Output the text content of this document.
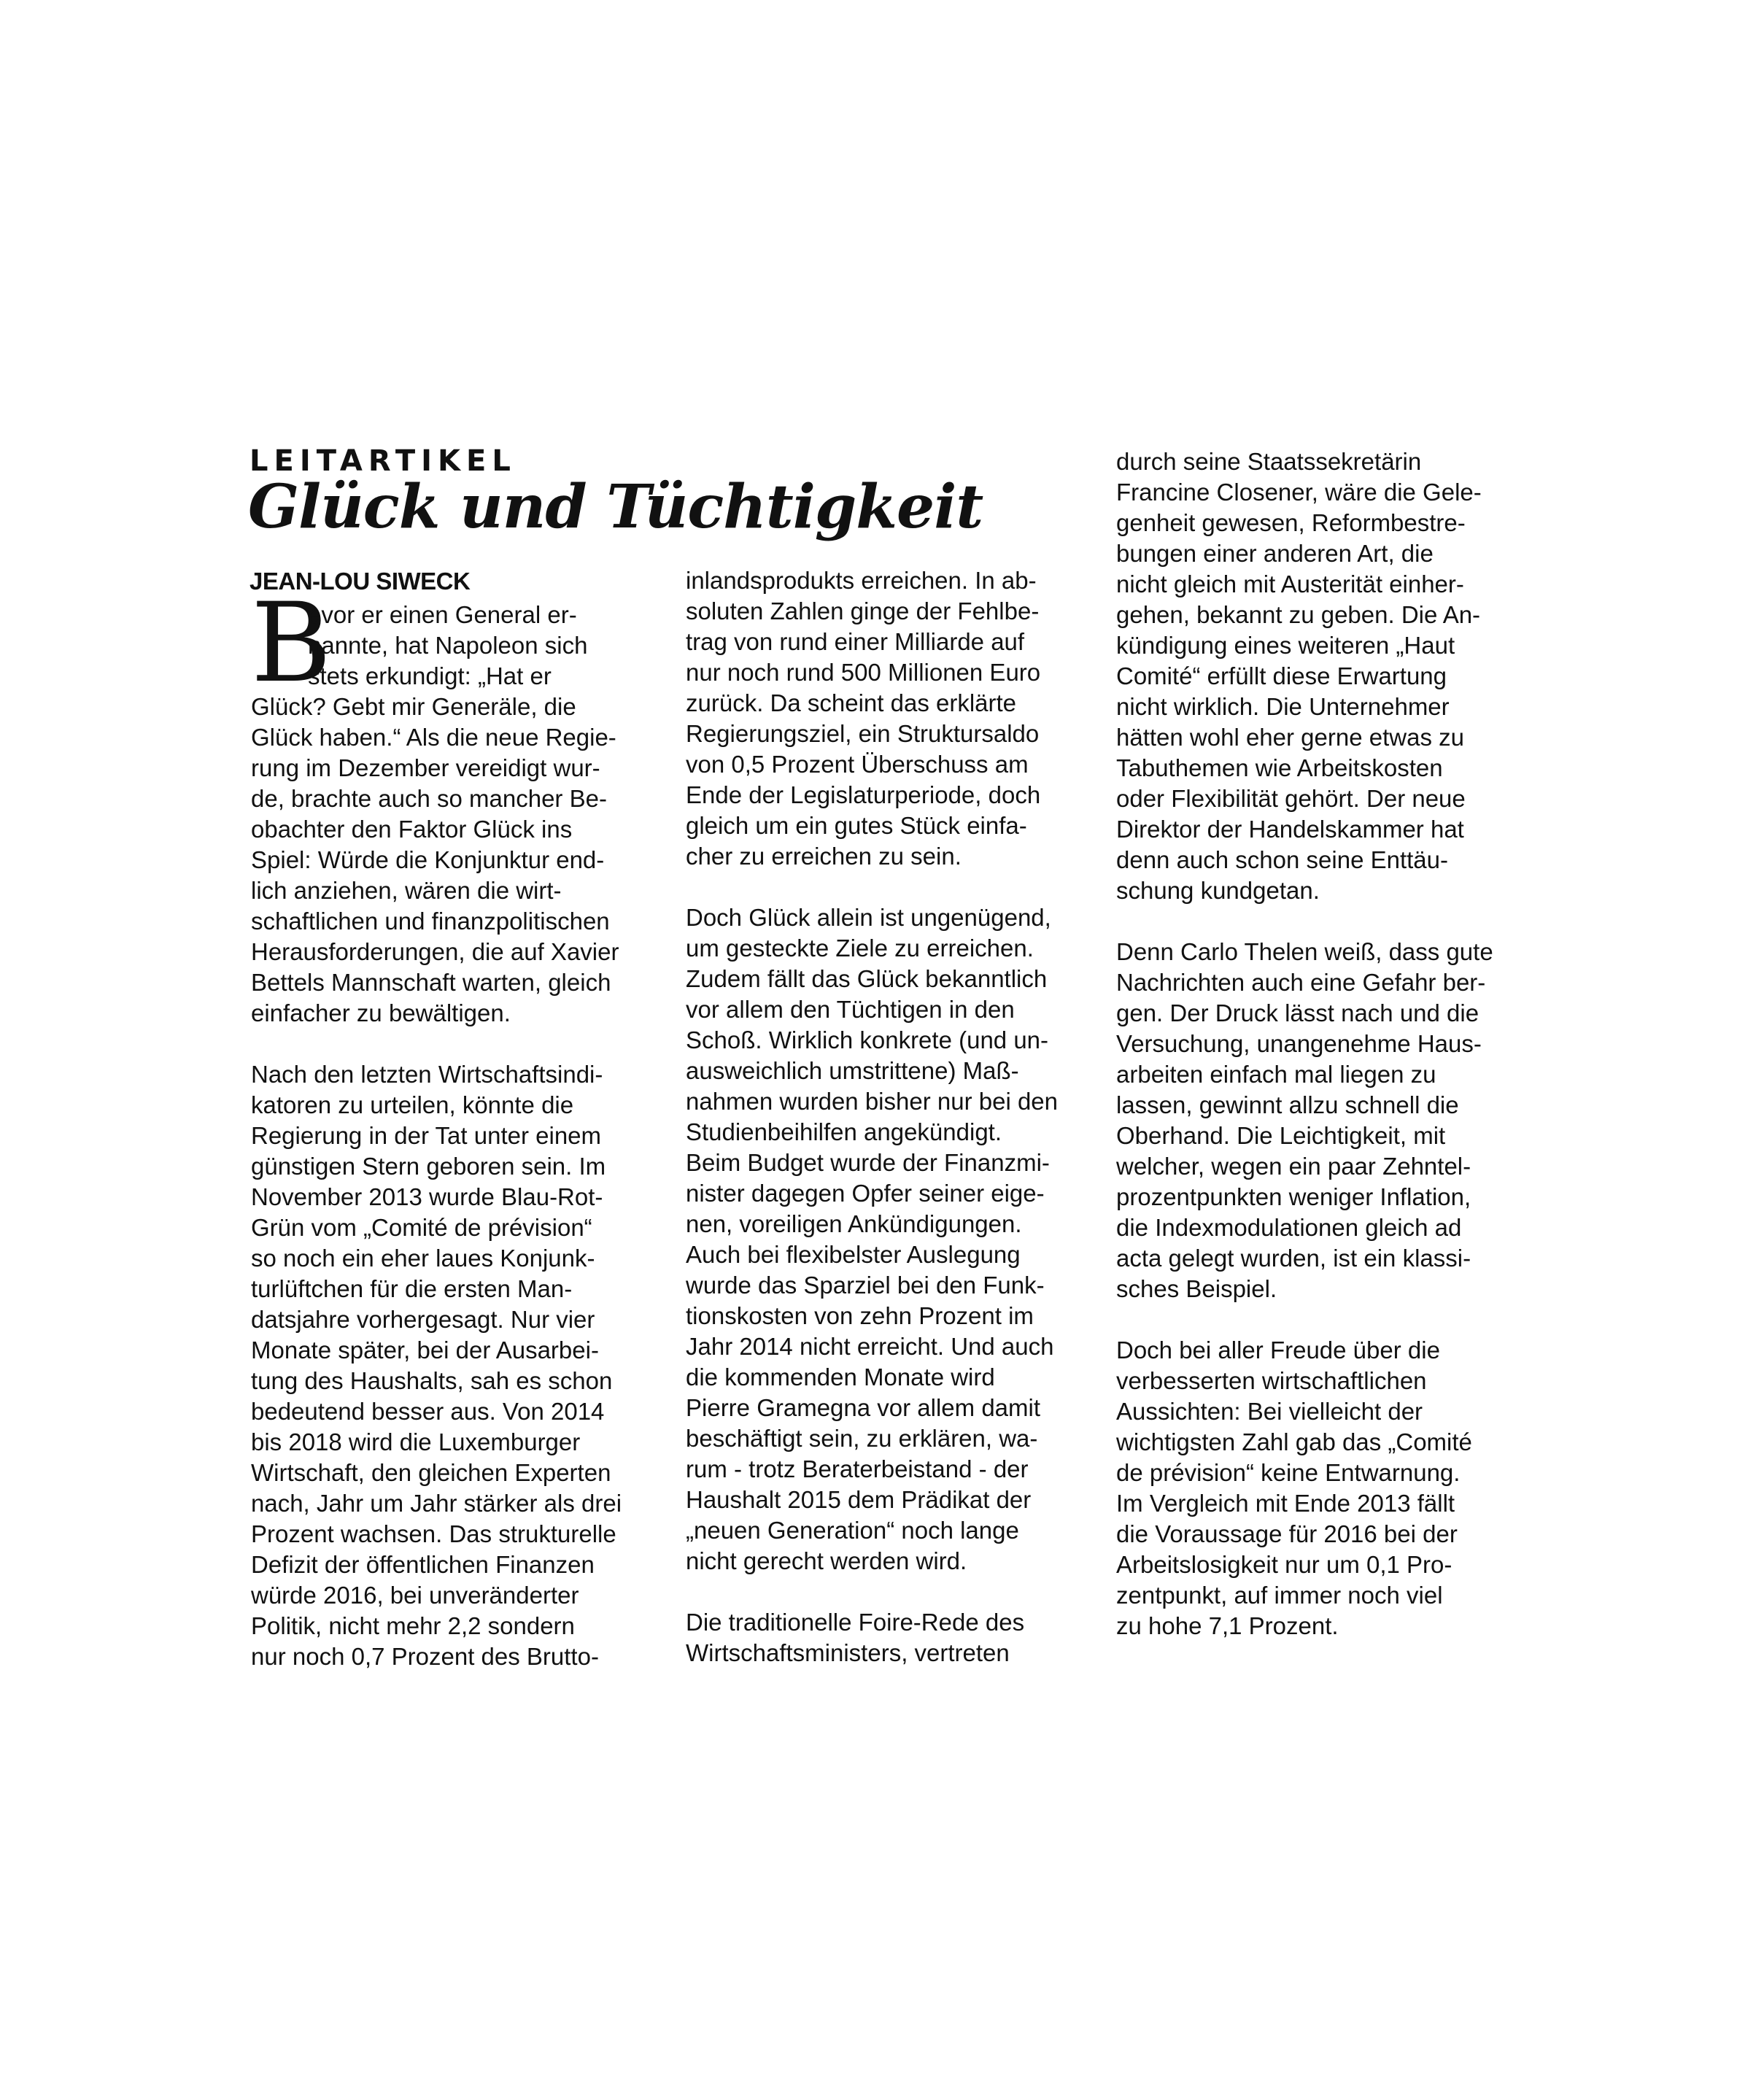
LEITARTIKEL
Glück und Tüchtigkeit
JEAN-LOU SIWECK

B
evor er einen General er-
nannte, hat Napoleon sich
stets erkundigt: „Hat er
Glück? Gebt mir Generäle, die
Glück haben.“ Als die neue Regie-
rung im Dezember vereidigt wur-
de, brachte auch so mancher Be-
obachter den Faktor Glück ins
Spiel: Würde die Konjunktur end-
lich anziehen, wären die wirt-
schaftlichen und finanzpolitischen
Herausforderungen, die auf Xavier
Bettels Mannschaft warten, gleich
einfacher zu bewältigen.

Nach den letzten Wirtschaftsindi-
katoren zu urteilen, könnte die
Regierung in der Tat unter einem
günstigen Stern geboren sein. Im
November 2013 wurde Blau-Rot-
Grün vom „Comité de prévision“
so noch ein eher laues Konjunk-
turlüftchen für die ersten Man-
datsjahre vorhergesagt. Nur vier
Monate später, bei der Ausarbei-
tung des Haushalts, sah es schon
bedeutend besser aus. Von 2014
bis 2018 wird die Luxemburger
Wirtschaft, den gleichen Experten
nach, Jahr um Jahr stärker als drei
Prozent wachsen. Das strukturelle
Defizit der öffentlichen Finanzen
würde 2016, bei unveränderter
Politik, nicht mehr 2,2 sondern
nur noch 0,7 Prozent des Brutto-

inlandsprodukts erreichen. In ab-
soluten Zahlen ginge der Fehlbe-
trag von rund einer Milliarde auf
nur noch rund 500 Millionen Euro
zurück. Da scheint das erklärte
Regierungsziel, ein Struktursaldo
von 0,5 Prozent Überschuss am
Ende der Legislaturperiode, doch
gleich um ein gutes Stück einfa-
cher zu erreichen zu sein.

Doch Glück allein ist ungenügend,
um gesteckte Ziele zu erreichen.
Zudem fällt das Glück bekanntlich
vor allem den Tüchtigen in den
Schoß. Wirklich konkrete (und un-
ausweichlich umstrittene) Maß-
nahmen wurden bisher nur bei den
Studienbeihilfen angekündigt.
Beim Budget wurde der Finanzmi-
nister dagegen Opfer seiner eige-
nen, voreiligen Ankündigungen.
Auch bei flexibelster Auslegung
wurde das Sparziel bei den Funk-
tionskosten von zehn Prozent im
Jahr 2014 nicht erreicht. Und auch
die kommenden Monate wird
Pierre Gramegna vor allem damit
beschäftigt sein, zu erklären, wa-
rum - trotz Beraterbeistand - der
Haushalt 2015 dem Prädikat der
„neuen Generation“ noch lange
nicht gerecht werden wird.

Die traditionelle Foire-Rede des
Wirtschaftsministers, vertreten

durch seine Staatssekretärin
Francine Closener, wäre die Gele-
genheit gewesen, Reformbestre-
bungen einer anderen Art, die
nicht gleich mit Austerität einher-
gehen, bekannt zu geben. Die An-
kündigung eines weiteren „Haut
Comité“ erfüllt diese Erwartung
nicht wirklich. Die Unternehmer
hätten wohl eher gerne etwas zu
Tabuthemen wie Arbeitskosten
oder Flexibilität gehört. Der neue
Direktor der Handelskammer hat
denn auch schon seine Enttäu-
schung kundgetan.

Denn Carlo Thelen weiß, dass gute
Nachrichten auch eine Gefahr ber-
gen. Der Druck lässt nach und die
Versuchung, unangenehme Haus-
arbeiten einfach mal liegen zu
lassen, gewinnt allzu schnell die
Oberhand. Die Leichtigkeit, mit
welcher, wegen ein paar Zehntel-
prozentpunkten weniger Inflation,
die Indexmodulationen gleich ad
acta gelegt wurden, ist ein klassi-
sches Beispiel.

Doch bei aller Freude über die
verbesserten wirtschaftlichen
Aussichten: Bei vielleicht der
wichtigsten Zahl gab das „Comité
de prévision“ keine Entwarnung.
Im Vergleich mit Ende 2013 fällt
die Voraussage für 2016 bei der
Arbeitslosigkeit nur um 0,1 Pro-
zentpunkt, auf immer noch viel
zu hohe 7,1 Prozent.
